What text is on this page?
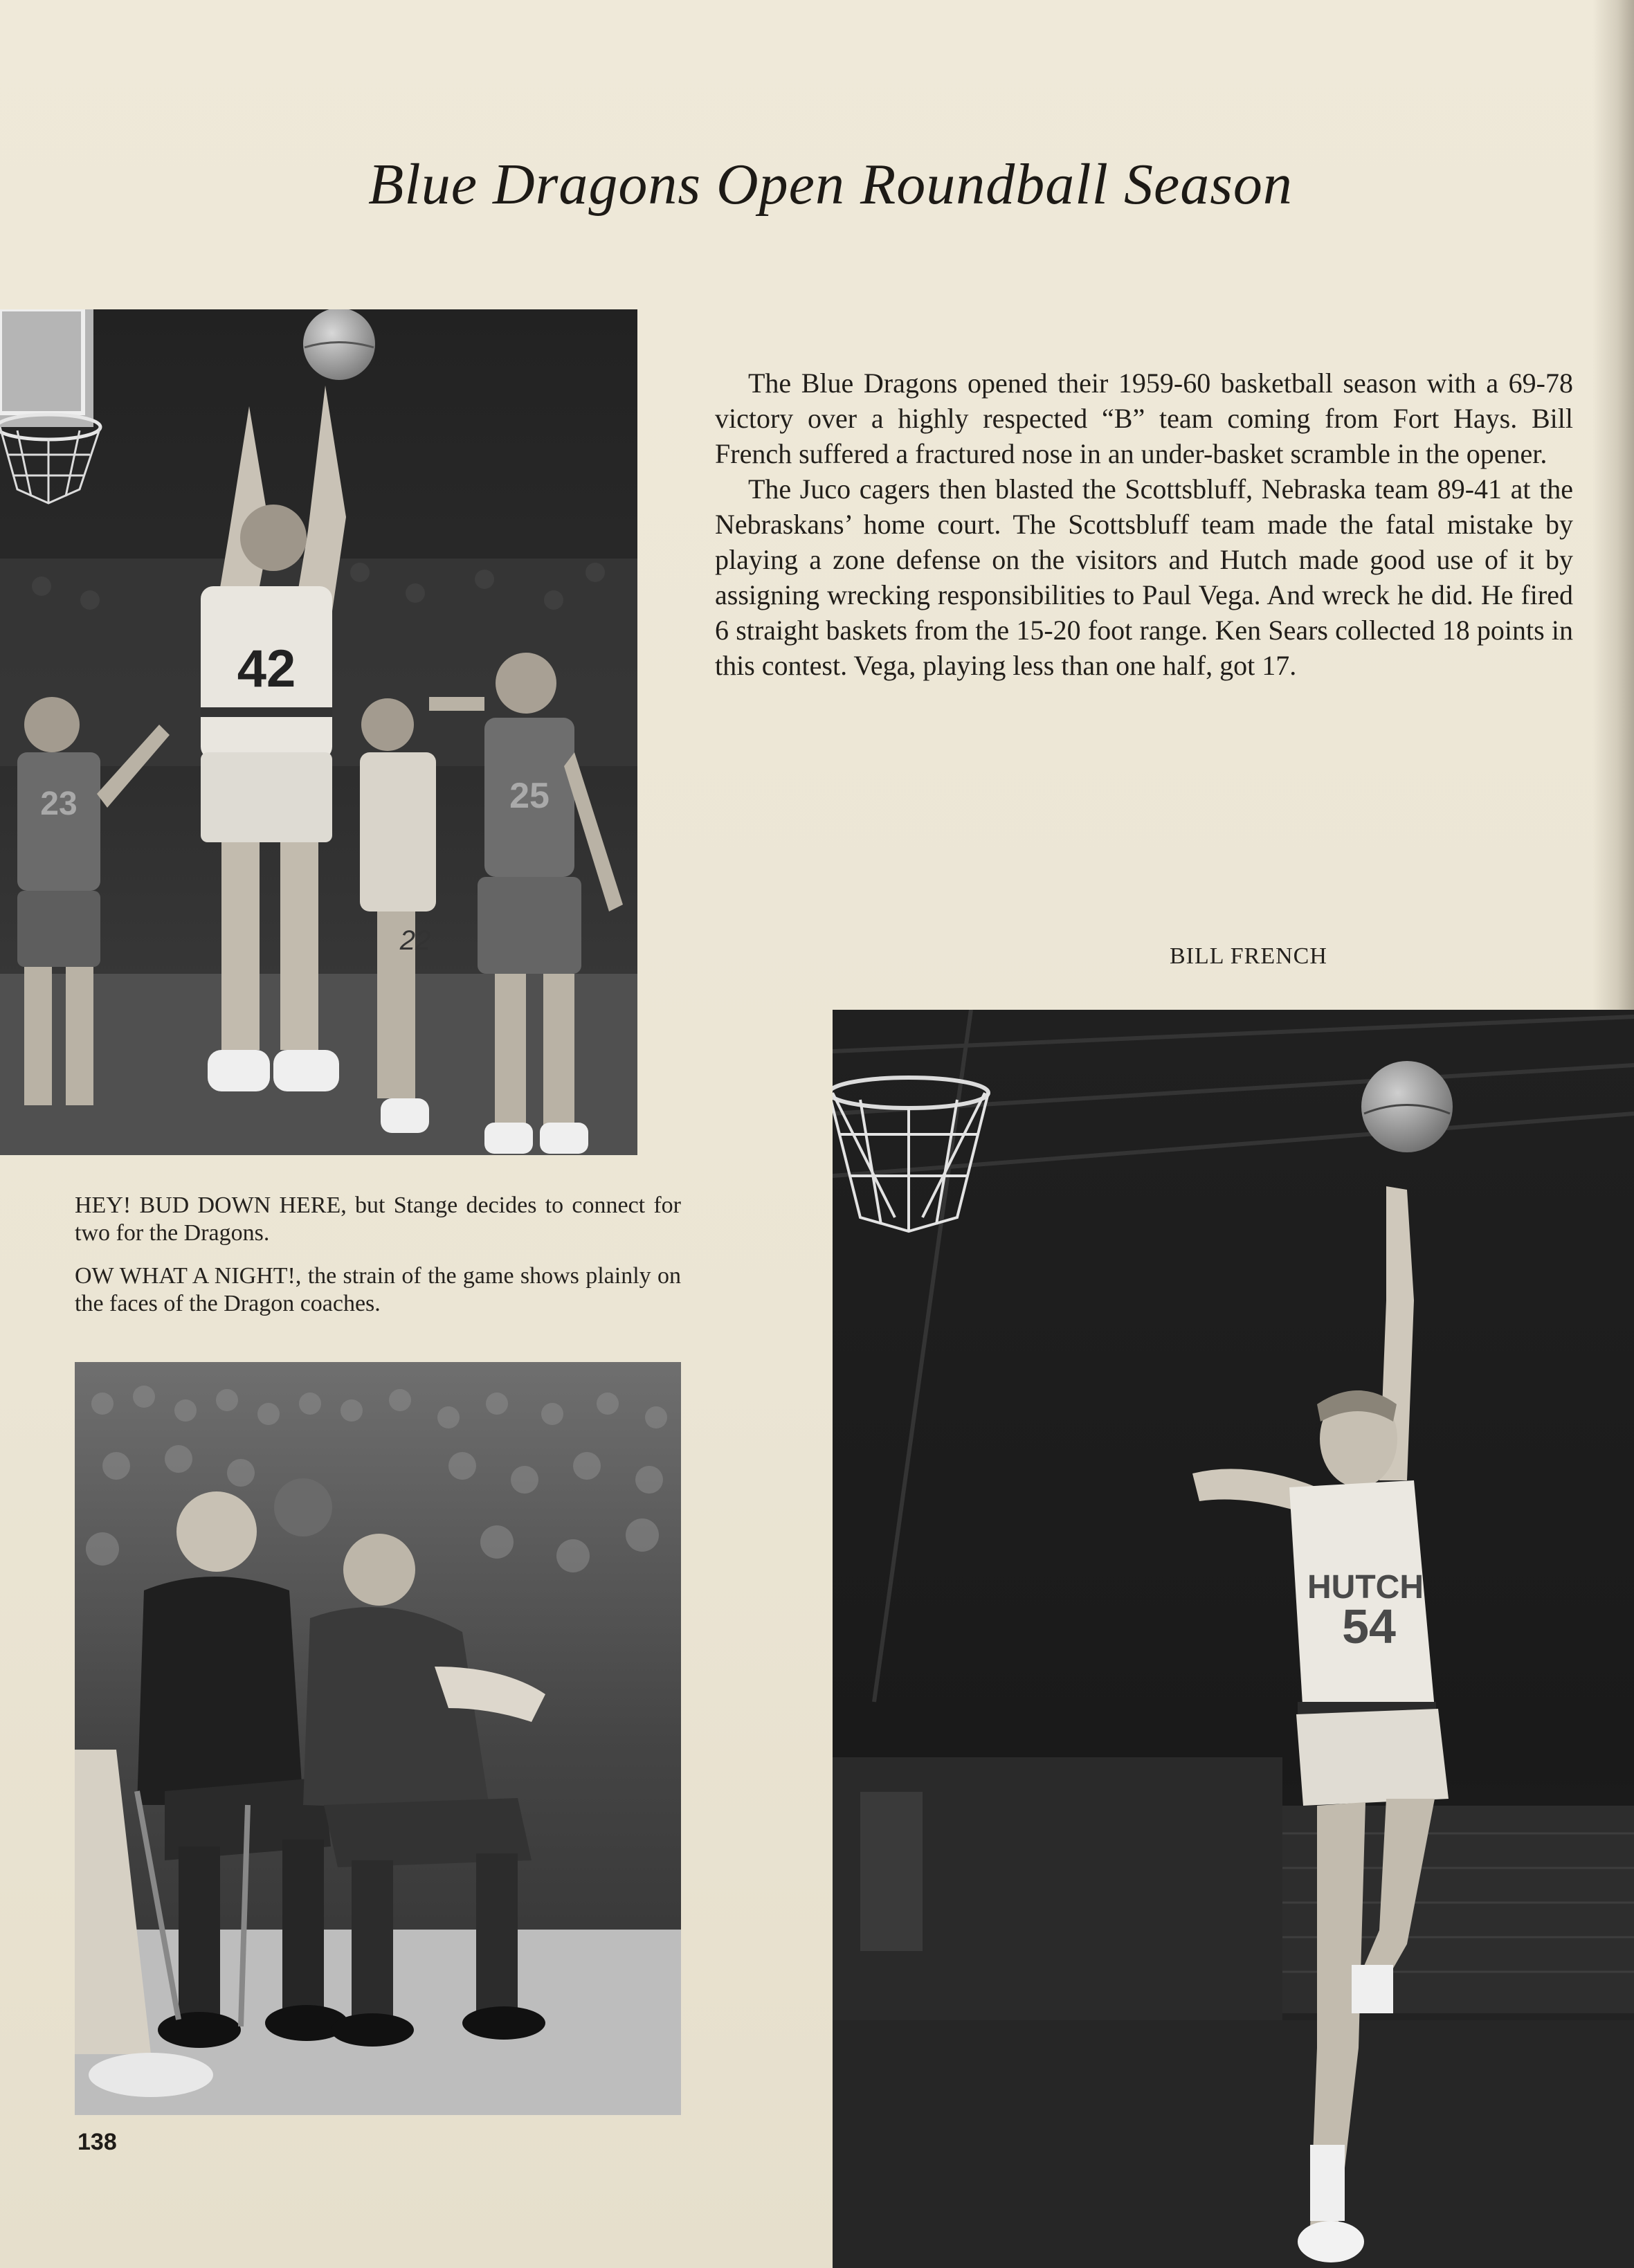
Blue Dragons Open Roundball Season
42
23
22
25

The Blue Dragons opened their 1959-60 basketball season with a 69-78 victory over a highly respected “B” team coming from Fort Hays. Bill French suffered a fractured nose in an under-basket scramble in the opener.

The Juco cagers then blasted the Scottsbluff, Nebraska team 89-41 at the Nebraskans’ home court. The Scottsbluff team made the fatal mistake by playing a zone defense on the visitors and Hutch made good use of it by assigning wrecking responsibilities to Paul Vega. And wreck he did. He fired 6 straight baskets from the 15-20 foot range. Ken Sears collected 18 points in this contest. Vega, playing less than one half, got 17.

BILL FRENCH

HEY! BUD DOWN HERE, but Stange decides to connect for two for the Dragons.

OW WHAT A NIGHT!, the strain of the game shows plainly on the faces of the Dragon coaches.

HUTCH
54
138
